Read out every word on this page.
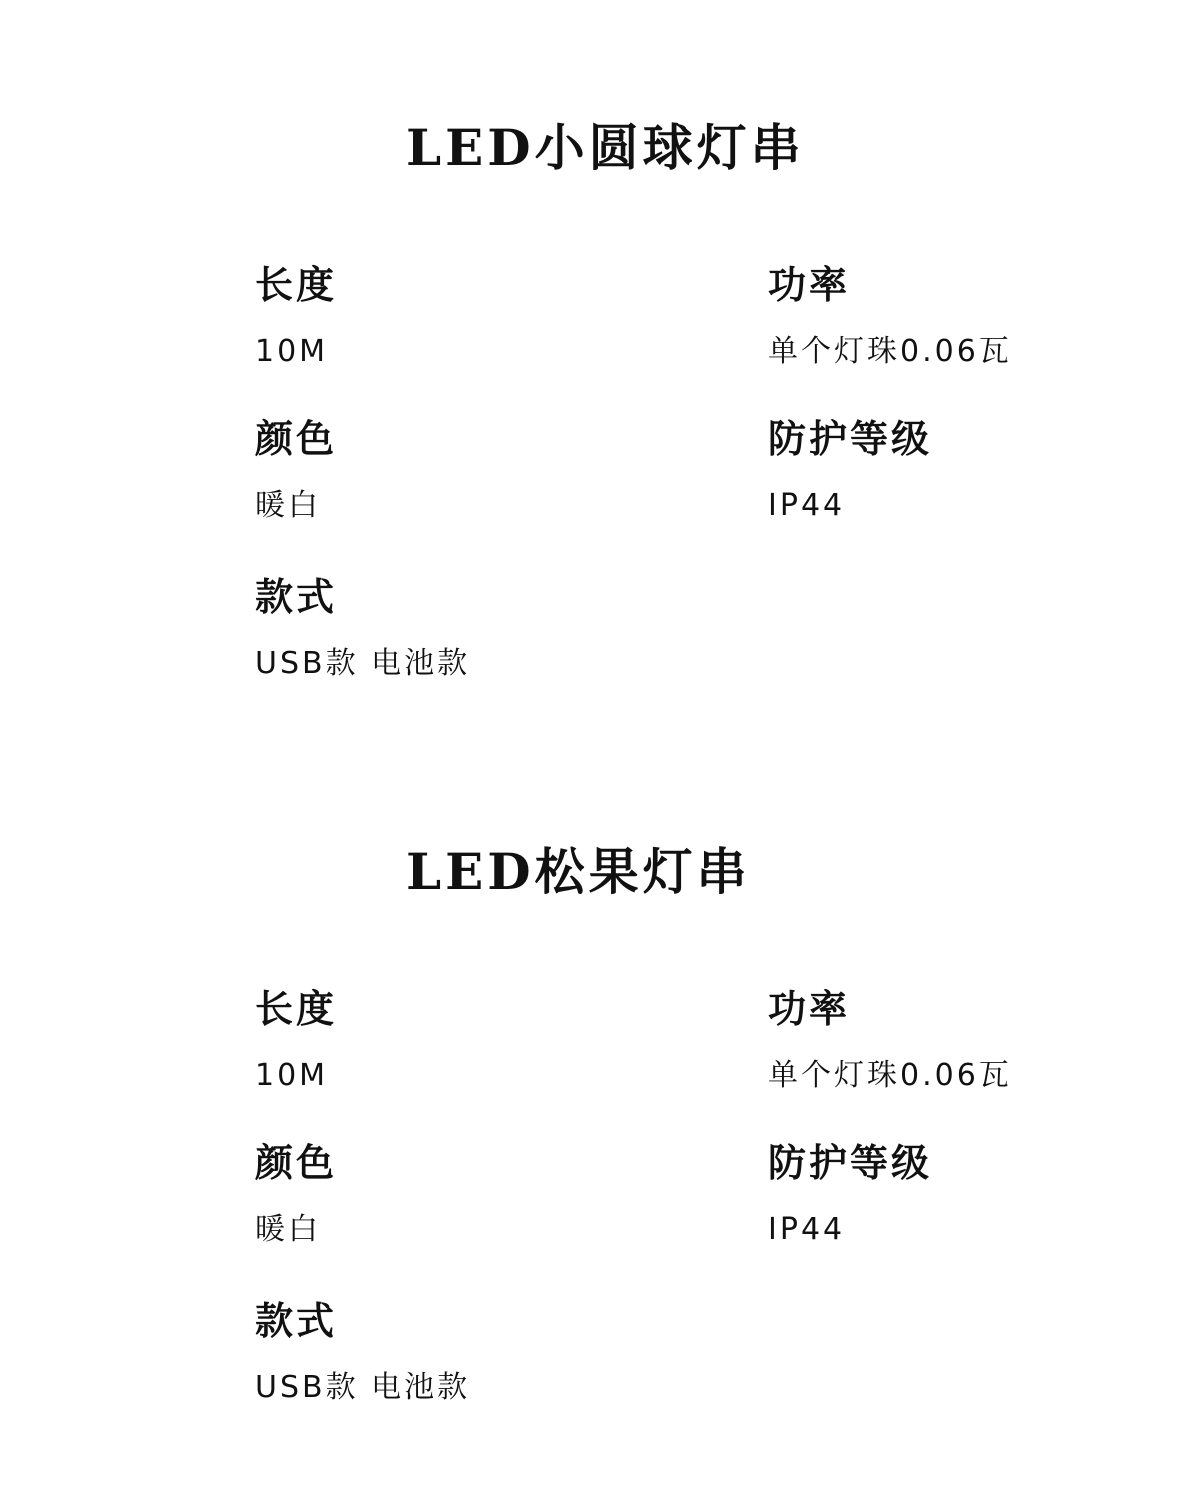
LED小圆球灯串

长度

10M

功率

单个灯珠0.06瓦

颜色

暖白

防护等级

IP44

款式

USB款 电池款

LED松果灯串

长度

10M

功率

单个灯珠0.06瓦

颜色

暖白

防护等级

IP44

款式

USB款 电池款
